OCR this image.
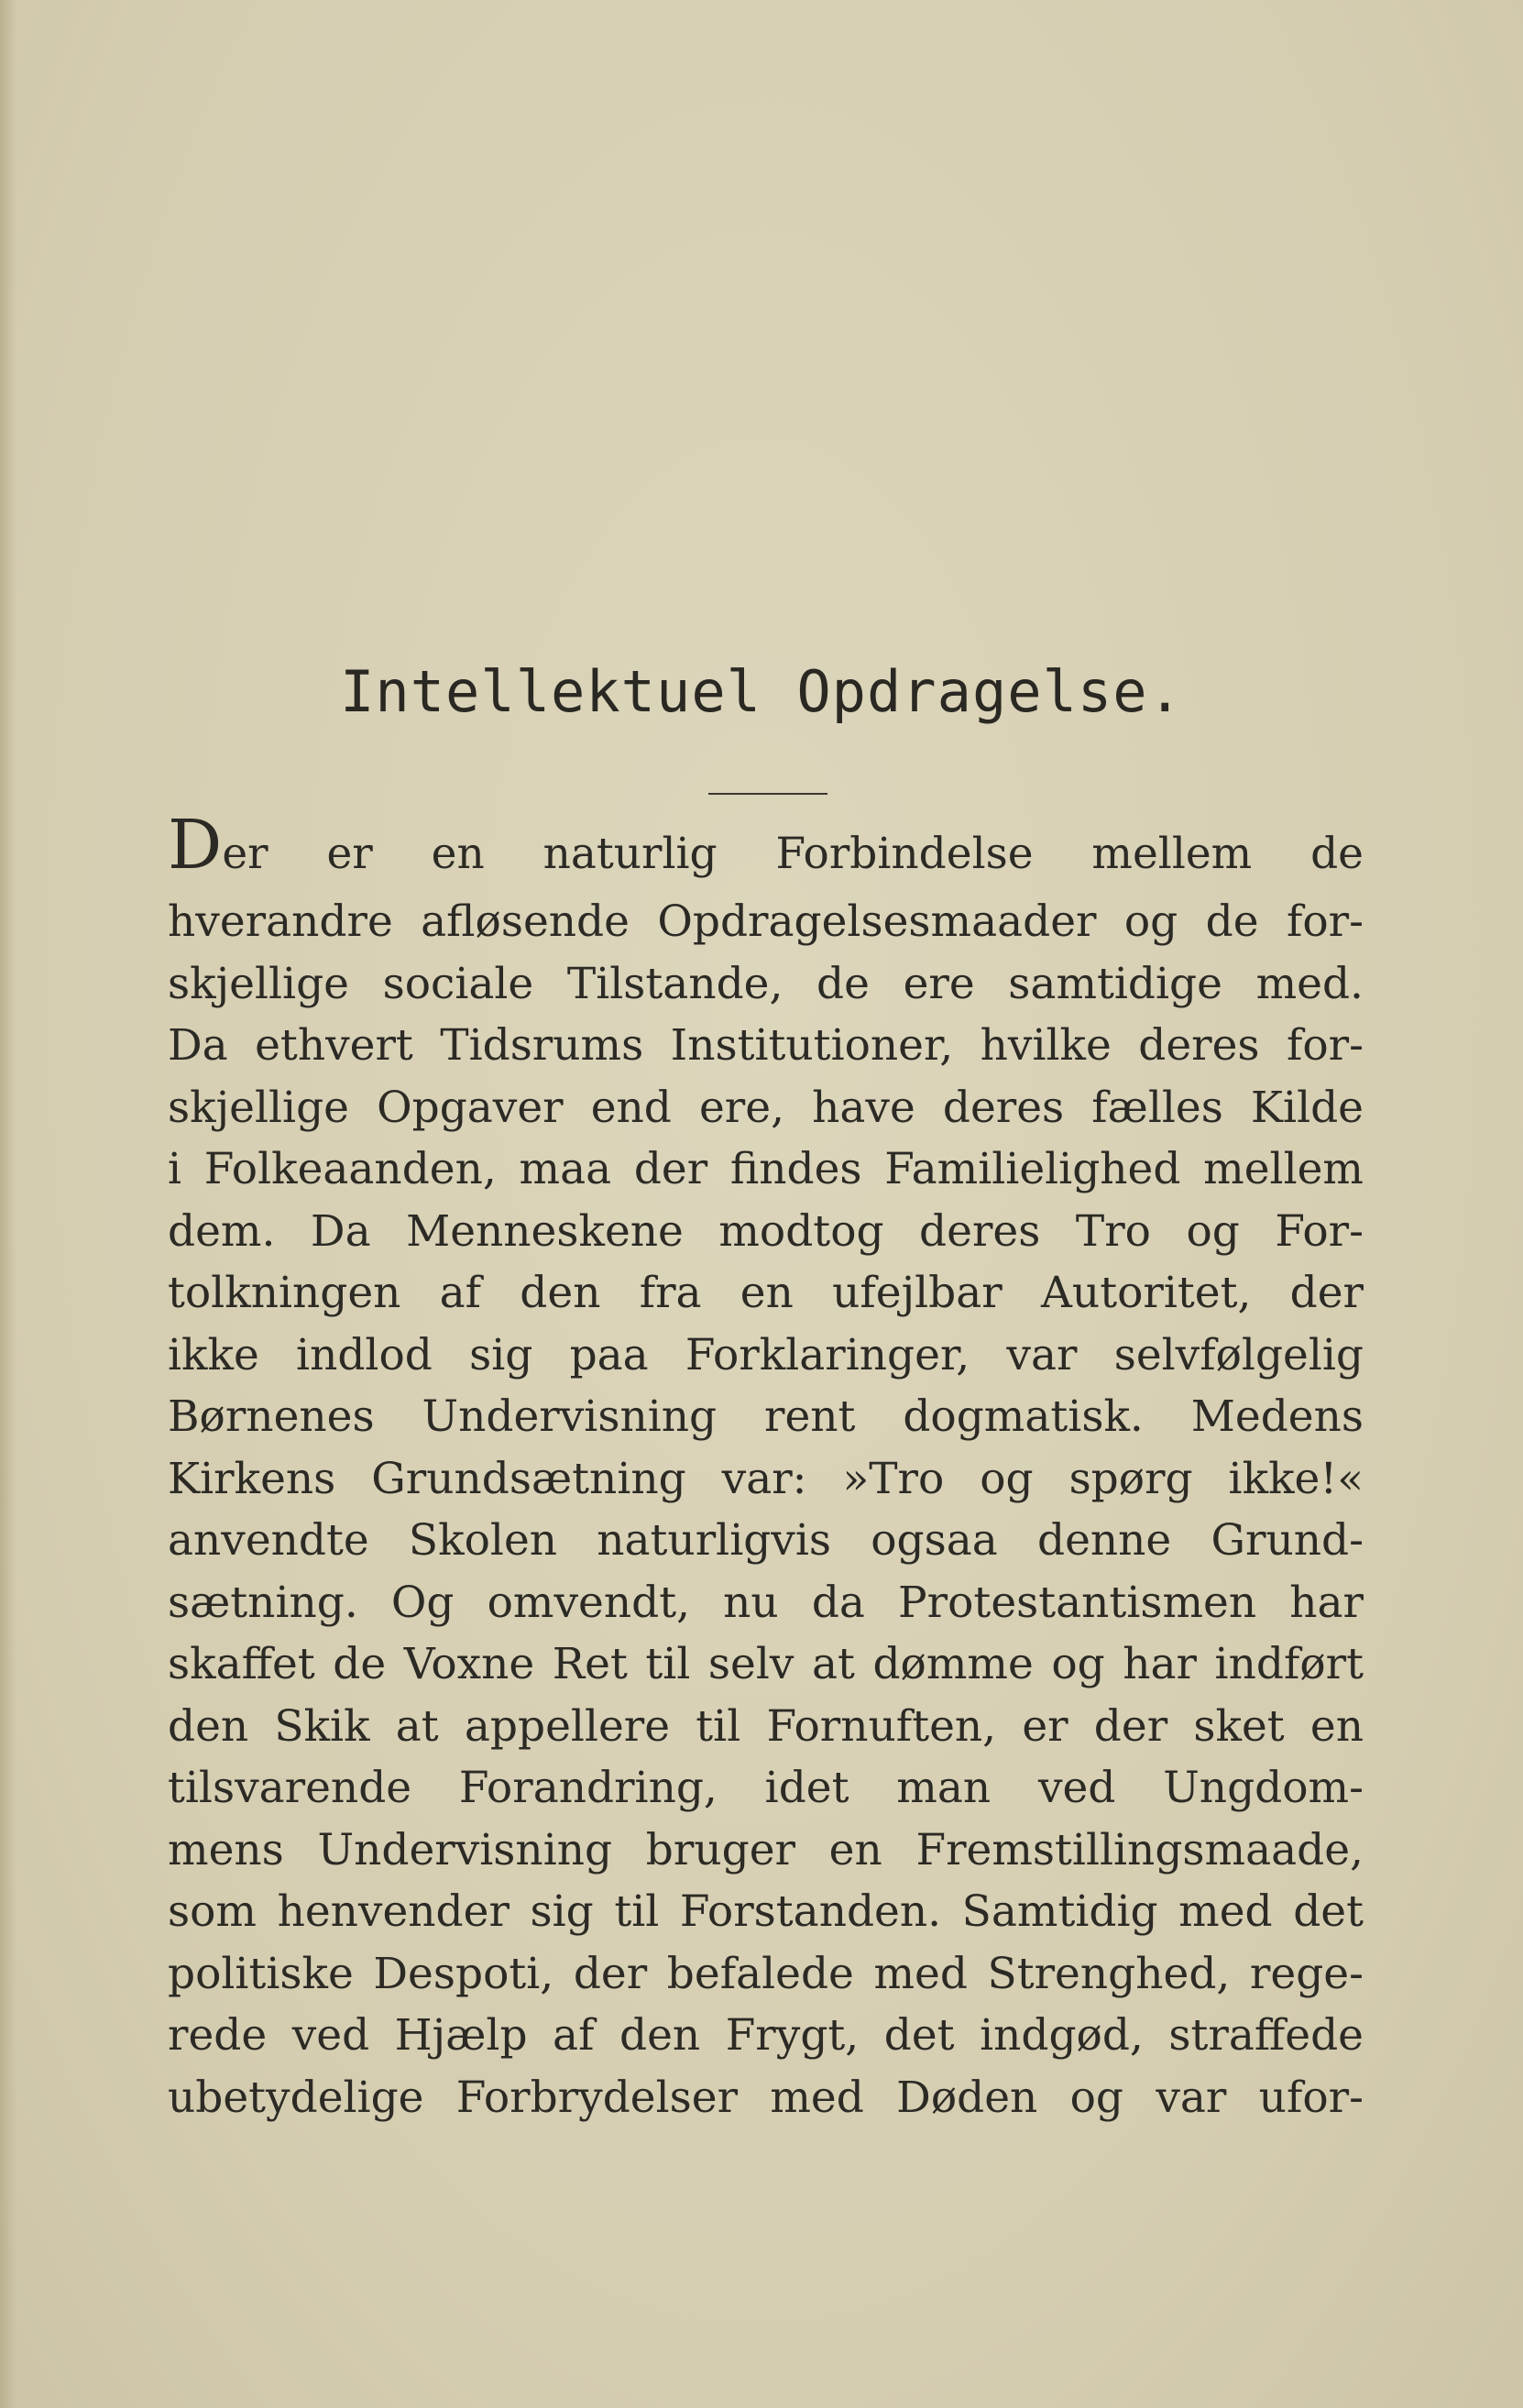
Intellektuel Opdragelse.
Der er en naturlig Forbindelse mellem de
hverandre afløsende Opdragelsesmaader og de for-
skjellige sociale Tilstande, de ere samtidige med.
Da ethvert Tidsrums Institutioner, hvilke deres for-
skjellige Opgaver end ere, have deres fælles Kilde
i Folkeaanden, maa der findes Familielighed mellem
dem. Da Menneskene modtog deres Tro og For-
tolkningen af den fra en ufejlbar Autoritet, der
ikke indlod sig paa Forklaringer, var selvfølgelig
Børnenes Undervisning rent dogmatisk. Medens
Kirkens Grundsætning var: »Tro og spørg ikke!«
anvendte Skolen naturligvis ogsaa denne Grund-
sætning. Og omvendt, nu da Protestantismen har
skaffet de Voxne Ret til selv at dømme og har indført
den Skik at appellere til Fornuften, er der sket en
tilsvarende Forandring, idet man ved Ungdom-
mens Undervisning bruger en Fremstillingsmaade,
som henvender sig til Forstanden. Samtidig med det
politiske Despoti, der befalede med Strenghed, rege-
rede ved Hjælp af den Frygt, det indgød, straffede
ubetydelige Forbrydelser med Døden og var ufor-
